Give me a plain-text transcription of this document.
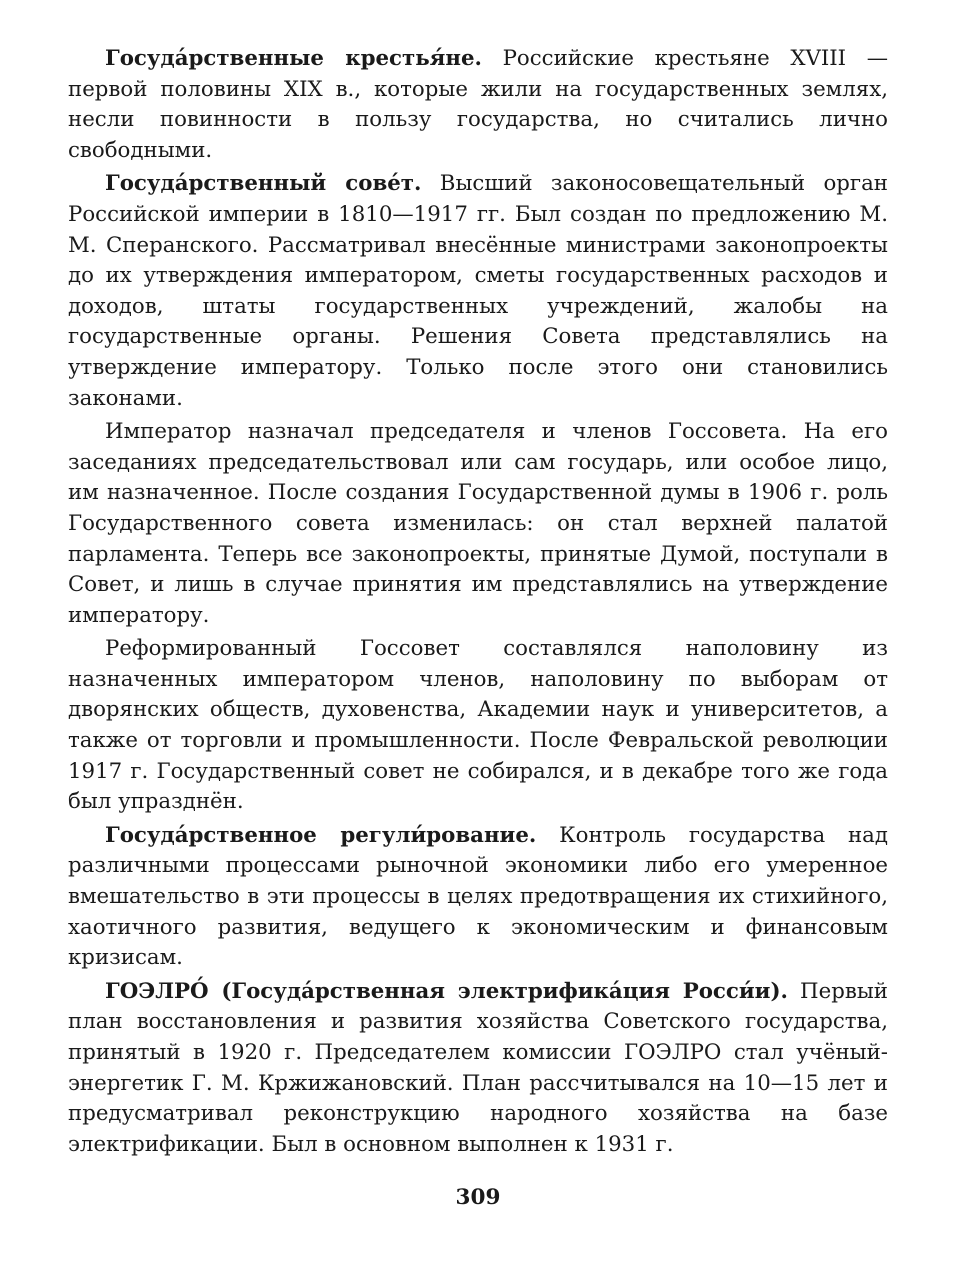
Госуда́рственные крестья́не. Российские крестьяне XVIII — первой половины XIX в., которые жили на государственных землях, несли повинности в пользу государства, но считались лично свободными.

Госуда́рственный сове́т. Высший законосовещательный орган Российской империи в 1810—1917 гг. Был создан по предложению М. М. Сперанского. Рассматривал внесённые министрами законопроекты до их утверждения императором, сметы государственных расходов и доходов, штаты государственных учреждений, жалобы на государственные органы. Решения Совета представлялись на утверждение императору. Только после этого они становились законами.

Император назначал председателя и членов Госсовета. На его заседаниях председательствовал или сам государь, или особое лицо, им назначенное. После создания Государственной думы в 1906 г. роль Государственного совета изменилась: он стал верхней палатой парламента. Теперь все законопроекты, принятые Думой, поступали в Совет, и лишь в случае принятия им представлялись на утверждение императору.

Реформированный Госсовет составлялся наполовину из назначенных императором членов, наполовину по выборам от дворянских обществ, духовенства, Академии наук и университетов, а также от торговли и промышленности. После Февральской революции 1917 г. Государственный совет не собирался, и в декабре того же года был упразднён.

Госуда́рственное регули́рование. Контроль государства над различными процессами рыночной экономики либо его умеренное вмешательство в эти процессы в целях предотвращения их стихийного, хаотичного развития, ведущего к экономическим и финансовым кризисам.

ГОЭЛРО́ (Госуда́рственная электрифика́ция Росси́и). Первый план восстановления и развития хозяйства Советского государства, принятый в 1920 г. Председателем комиссии ГОЭЛРО стал учёный-энергетик Г. М. Кржижановский. План рассчитывался на 10—15 лет и предусматривал реконструкцию народного хозяйства на базе электрификации. Был в основном выполнен к 1931 г.

309
